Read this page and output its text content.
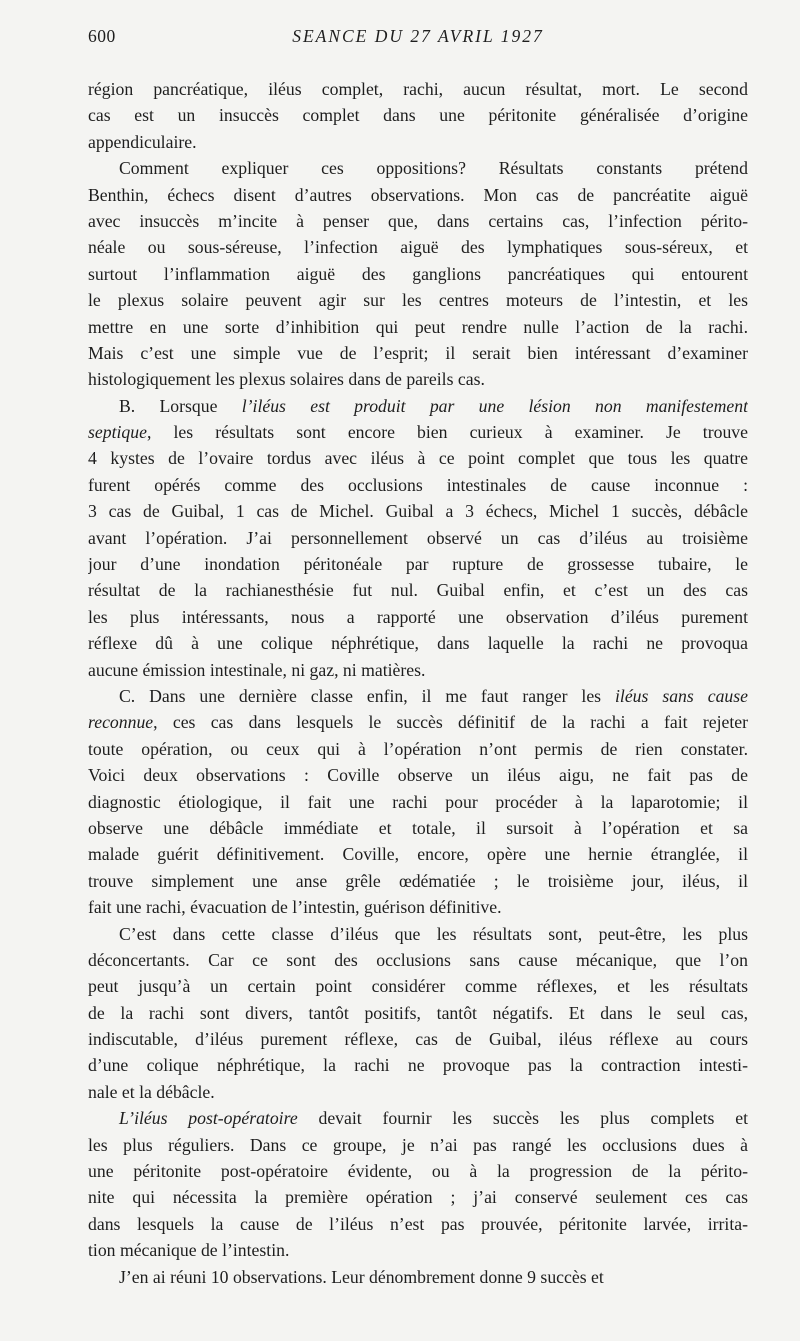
600	SEANCE DU 27 AVRIL 1927
région pancréatique, iléus complet, rachi, aucun résultat, mort. Le second
cas est un insuccès complet dans une péritonite généralisée d’origine
appendiculaire.
Comment expliquer ces oppositions? Résultats constants prétend
Benthin, échecs disent d’autres observations. Mon cas de pancréatite aiguë
avec insuccès m’incite à penser que, dans certains cas, l’infection périto-
néale ou sous-séreuse, l’infection aiguë des lymphatiques sous-séreux, et
surtout l’inflammation aiguë des ganglions pancréatiques qui entourent
le plexus solaire peuvent agir sur les centres moteurs de l’intestin, et les
mettre en une sorte d’inhibition qui peut rendre nulle l’action de la rachi.
Mais c’est une simple vue de l’esprit; il serait bien intéressant d’examiner
histologiquement les plexus solaires dans de pareils cas.
B. Lorsque l’iléus est produit par une lésion non manifestement
septique, les résultats sont encore bien curieux à examiner. Je trouve
4 kystes de l’ovaire tordus avec iléus à ce point complet que tous les quatre
furent opérés comme des occlusions intestinales de cause inconnue :
3 cas de Guibal, 1 cas de Michel. Guibal a 3 échecs, Michel 1 succès, débâcle
avant l’opération. J’ai personnellement observé un cas d’iléus au troisième
jour d’une inondation péritonéale par rupture de grossesse tubaire, le
résultat de la rachianesthésie fut nul. Guibal enfin, et c’est un des cas
les plus intéressants, nous a rapporté une observation d’iléus purement
réflexe dû à une colique néphrétique, dans laquelle la rachi ne provoqua
aucune émission intestinale, ni gaz, ni matières.
C. Dans une dernière classe enfin, il me faut ranger les iléus sans cause
reconnue, ces cas dans lesquels le succès définitif de la rachi a fait rejeter
toute opération, ou ceux qui à l’opération n’ont permis de rien constater.
Voici deux observations : Coville observe un iléus aigu, ne fait pas de
diagnostic étiologique, il fait une rachi pour procéder à la laparotomie; il
observe une débâcle immédiate et totale, il sursoit à l’opération et sa
malade guérit définitivement. Coville, encore, opère une hernie étranglée, il
trouve simplement une anse grêle œdématiée ; le troisième jour, iléus, il
fait une rachi, évacuation de l’intestin, guérison définitive.
C’est dans cette classe d’iléus que les résultats sont, peut-être, les plus
déconcertants. Car ce sont des occlusions sans cause mécanique, que l’on
peut jusqu’à un certain point considérer comme réflexes, et les résultats
de la rachi sont divers, tantôt positifs, tantôt négatifs. Et dans le seul cas,
indiscutable, d’iléus purement réflexe, cas de Guibal, iléus réflexe au cours
d’une colique néphrétique, la rachi ne provoque pas la contraction intesti-
nale et la débâcle.
L’iléus post-opératoire devait fournir les succès les plus complets et
les plus réguliers. Dans ce groupe, je n’ai pas rangé les occlusions dues à
une péritonite post-opératoire évidente, ou à la progression de la périto-
nite qui nécessita la première opération ; j’ai conservé seulement ces cas
dans lesquels la cause de l’iléus n’est pas prouvée, péritonite larvée, irrita-
tion mécanique de l’intestin.
J’en ai réuni 10 observations. Leur dénombrement donne 9 succès et
